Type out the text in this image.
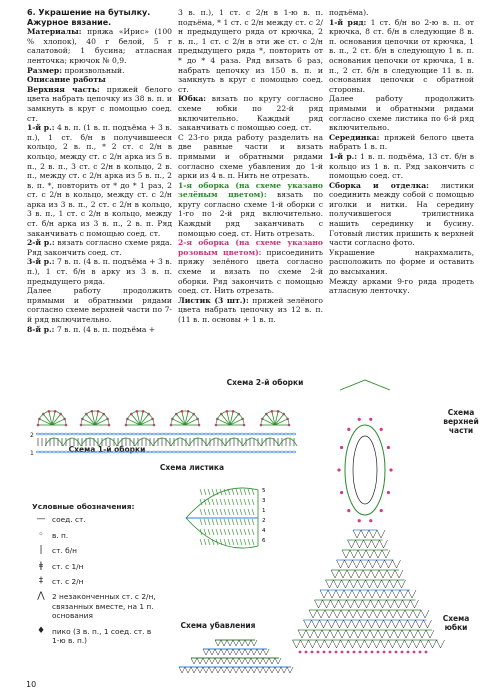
6. Украшение на бутылку.

Ажурное вязание.

Материалы: пряжа «Ирис» (100 % хлопок), 40 г белой, 5 г салатовой; 1 бусина; атласная ленточка; крючок № 0,9.

Размер: произвольный.

Описание работы

Верхняя часть: пряжей белого цвета набрать цепочку из 38 в. п. и замкнуть в круг с помощью соед. ст.

1-й р.: 4 в. п. (1 в. п. подъёма + 3 в. п.), 1 ст. б/н в получившееся кольцо, 2 в. п., * 2 ст. с 2/н в кольцо, между ст. с 2/н арка из 5 в. п., 2 в. п., 3 ст. с 2/н в кольцо, 2 в. п., между ст. с 2/н арка из 5 в. п., 2 в. п. *, повторить от * до * 1 раз, 2 ст. с 2/н в кольцо, между ст. с 2/н арка из 3 в. п., 2 ст. с 2/н в кольцо, 3 в. п., 1 ст. с 2/н в кольцо, между ст. б/н арка из 3 в. п., 2 в. п. Ряд заканчивать с помощью соед. ст.

2-й р.: вязать согласно схеме ряда. Ряд закончить соед. ст.

3-й р.: 7 в. п. (4 в. п. подъёма + 3 в. п.), 1 ст. б/н в арку из 3 в. п. предыдущего ряда.

Далее работу продолжить прямыми и обратными рядами согласно схеме верхней части по 7-й ряд включительно.

8-й р.: 7 в. п. (4 в. п. подъёма +

3 в. п.), 1 ст. с 2/н в 1-ю в. п. подъёма, * 1 ст. с 2/н между ст. с 2/н предыдущего ряда от крючка, 2 в. п., 1 ст. с 2/н в эти же ст. с 2/н предыдущего ряда *, повторить от * до * 4 раза. Ряд вязать 6 раз, набрать цепочку из 150 в. п. и замкнуть в круг с помощью соед. ст.

Юбка: вязать по кругу согласно схеме юбки по 22-й ряд включительно. Каждый ряд заканчивать с помощью соед. ст.

С 23-го ряда работу разделить на две равные части и вязать прямыми и обратными рядами согласно схеме убавления до 1-й арки из 4 в. п. Нить не отрезать.

1-я оборка (на схеме указано зелёным цветом): вязать по кругу согласно схеме 1-й оборки с 1-го по 2-й ряд включительно. Каждый ряд заканчивать с помощью соед. ст. Нить отрезать.

2-я оборка (на схеме указано розовым цветом): присоединить пряжу зелёного цвета согласно схеме и вязать по схеме 2-й оборки. Ряд закончить с помощью соед. ст. Нить отрезать.

Листик (3 шт.): пряжей зелёного цвета набрать цепочку из 12 в. п. (11 в. п. основы + 1 в. п.

подъёма).

1-й ряд: 1 ст. б/н во 2-ю в. п. от крючка, 8 ст. б/н в следующие 8 в. п. основания цепочки от крючка, 1 в. п., 2 ст. б/н в следующую 1 в. п. основания цепочки от крючка, 1 в. п., 2 ст. б/н в следующие 11 в. п. основания цепочки с обратной стороны.

Далее работу продолжить прямыми и обратными рядами согласно схеме листика по 6-й ряд включительно.

Серединка: пряжей белого цвета набрать 1 в. п.

1-й р.: 1 в. п. подъёма, 13 ст. б/н в кольцо из 1 в. п. Ряд закончить с помощью соед. ст.

Сборка и отделка: листики соединить между собой с помощью иголки и нитки. На середину получившегося трилистника нашить серединку и бусину. Готовый листик пришить к верхней части согласно фото.

Украшение накрахмалить, расположить по форме и оставить до высыхания.

Между арками 9-го ряда продеть атласную ленточку.

Схема 2-й оборки
Схема 1-й оборки
Схема листика
Схема верхней части
Схема убавления
Схема юбки
2
1
5
3
1
2
4
6
Условные обозначения:
— соед. ст.
◦	в. п.
|	ст. б/н
ǂ	ст. с 1/н
‡	ст. с 2/н
⋀ 2 незаконченных ст. с 2/н, связанных вместе, на 1 п. основания
♦ пико (3 в. п., 1 соед. ст. в 1-ю в. п.)
10
